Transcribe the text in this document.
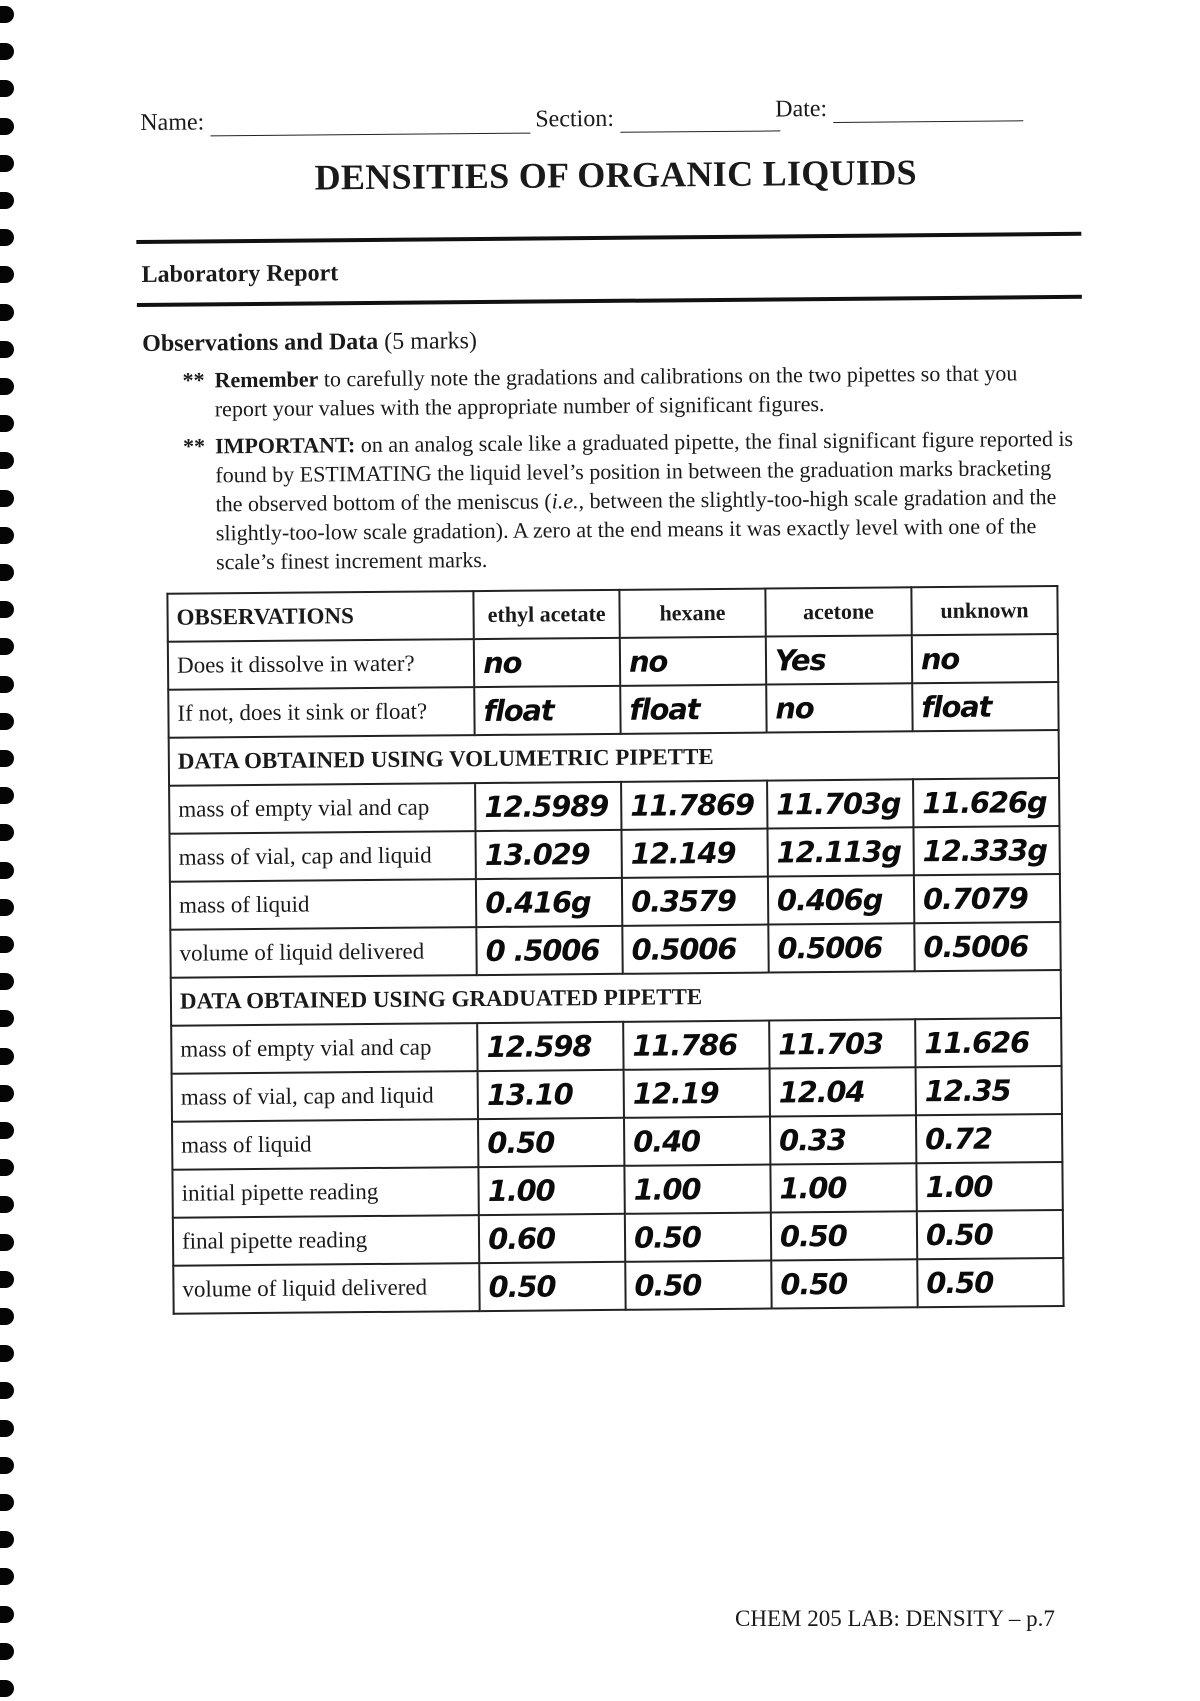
Name:	Section:	Date:
DENSITIES OF ORGANIC LIQUIDS
Laboratory Report
Observations and Data (5 marks)
** Remember to carefully note the gradations and calibrations on the two pipettes so that you report your values with the appropriate number of significant figures.
** IMPORTANT: on an analog scale like a graduated pipette, the final significant figure reported is found by ESTIMATING the liquid level’s position in between the graduation marks bracketing the observed bottom of the meniscus (i.e., between the slightly-too-high scale gradation and the slightly-too-low scale gradation). A zero at the end means it was exactly level with one of the scale’s finest increment marks.
OBSERVATIONS	ethyl acetate	hexane	acetone	unknown
Does it dissolve in water?	no	no	Yes	no
If not, does it sink or float?	float	float	no	float
DATA OBTAINED USING VOLUMETRIC PIPETTE				
mass of empty vial and cap	12.5989	11.7869	11.703g	11.626g
mass of vial, cap and liquid	13.029	12.149	12.113g	12.333g
mass of liquid	0.416g	0.3579	0.406g	0.7079
volume of liquid delivered	0 .5006	0.5006	0.5006	0.5006
DATA OBTAINED USING GRADUATED PIPETTE				
mass of empty vial and cap	12.598	11.786	11.703	11.626
mass of vial, cap and liquid	13.10	12.19	12.04	12.35
mass of liquid	0.50	0.40	0.33	0.72
initial pipette reading	1.00	1.00	1.00	1.00
final pipette reading	0.60	0.50	0.50	0.50
volume of liquid delivered	0.50	0.50	0.50	0.50
CHEM 205 LAB: DENSITY – p.7
